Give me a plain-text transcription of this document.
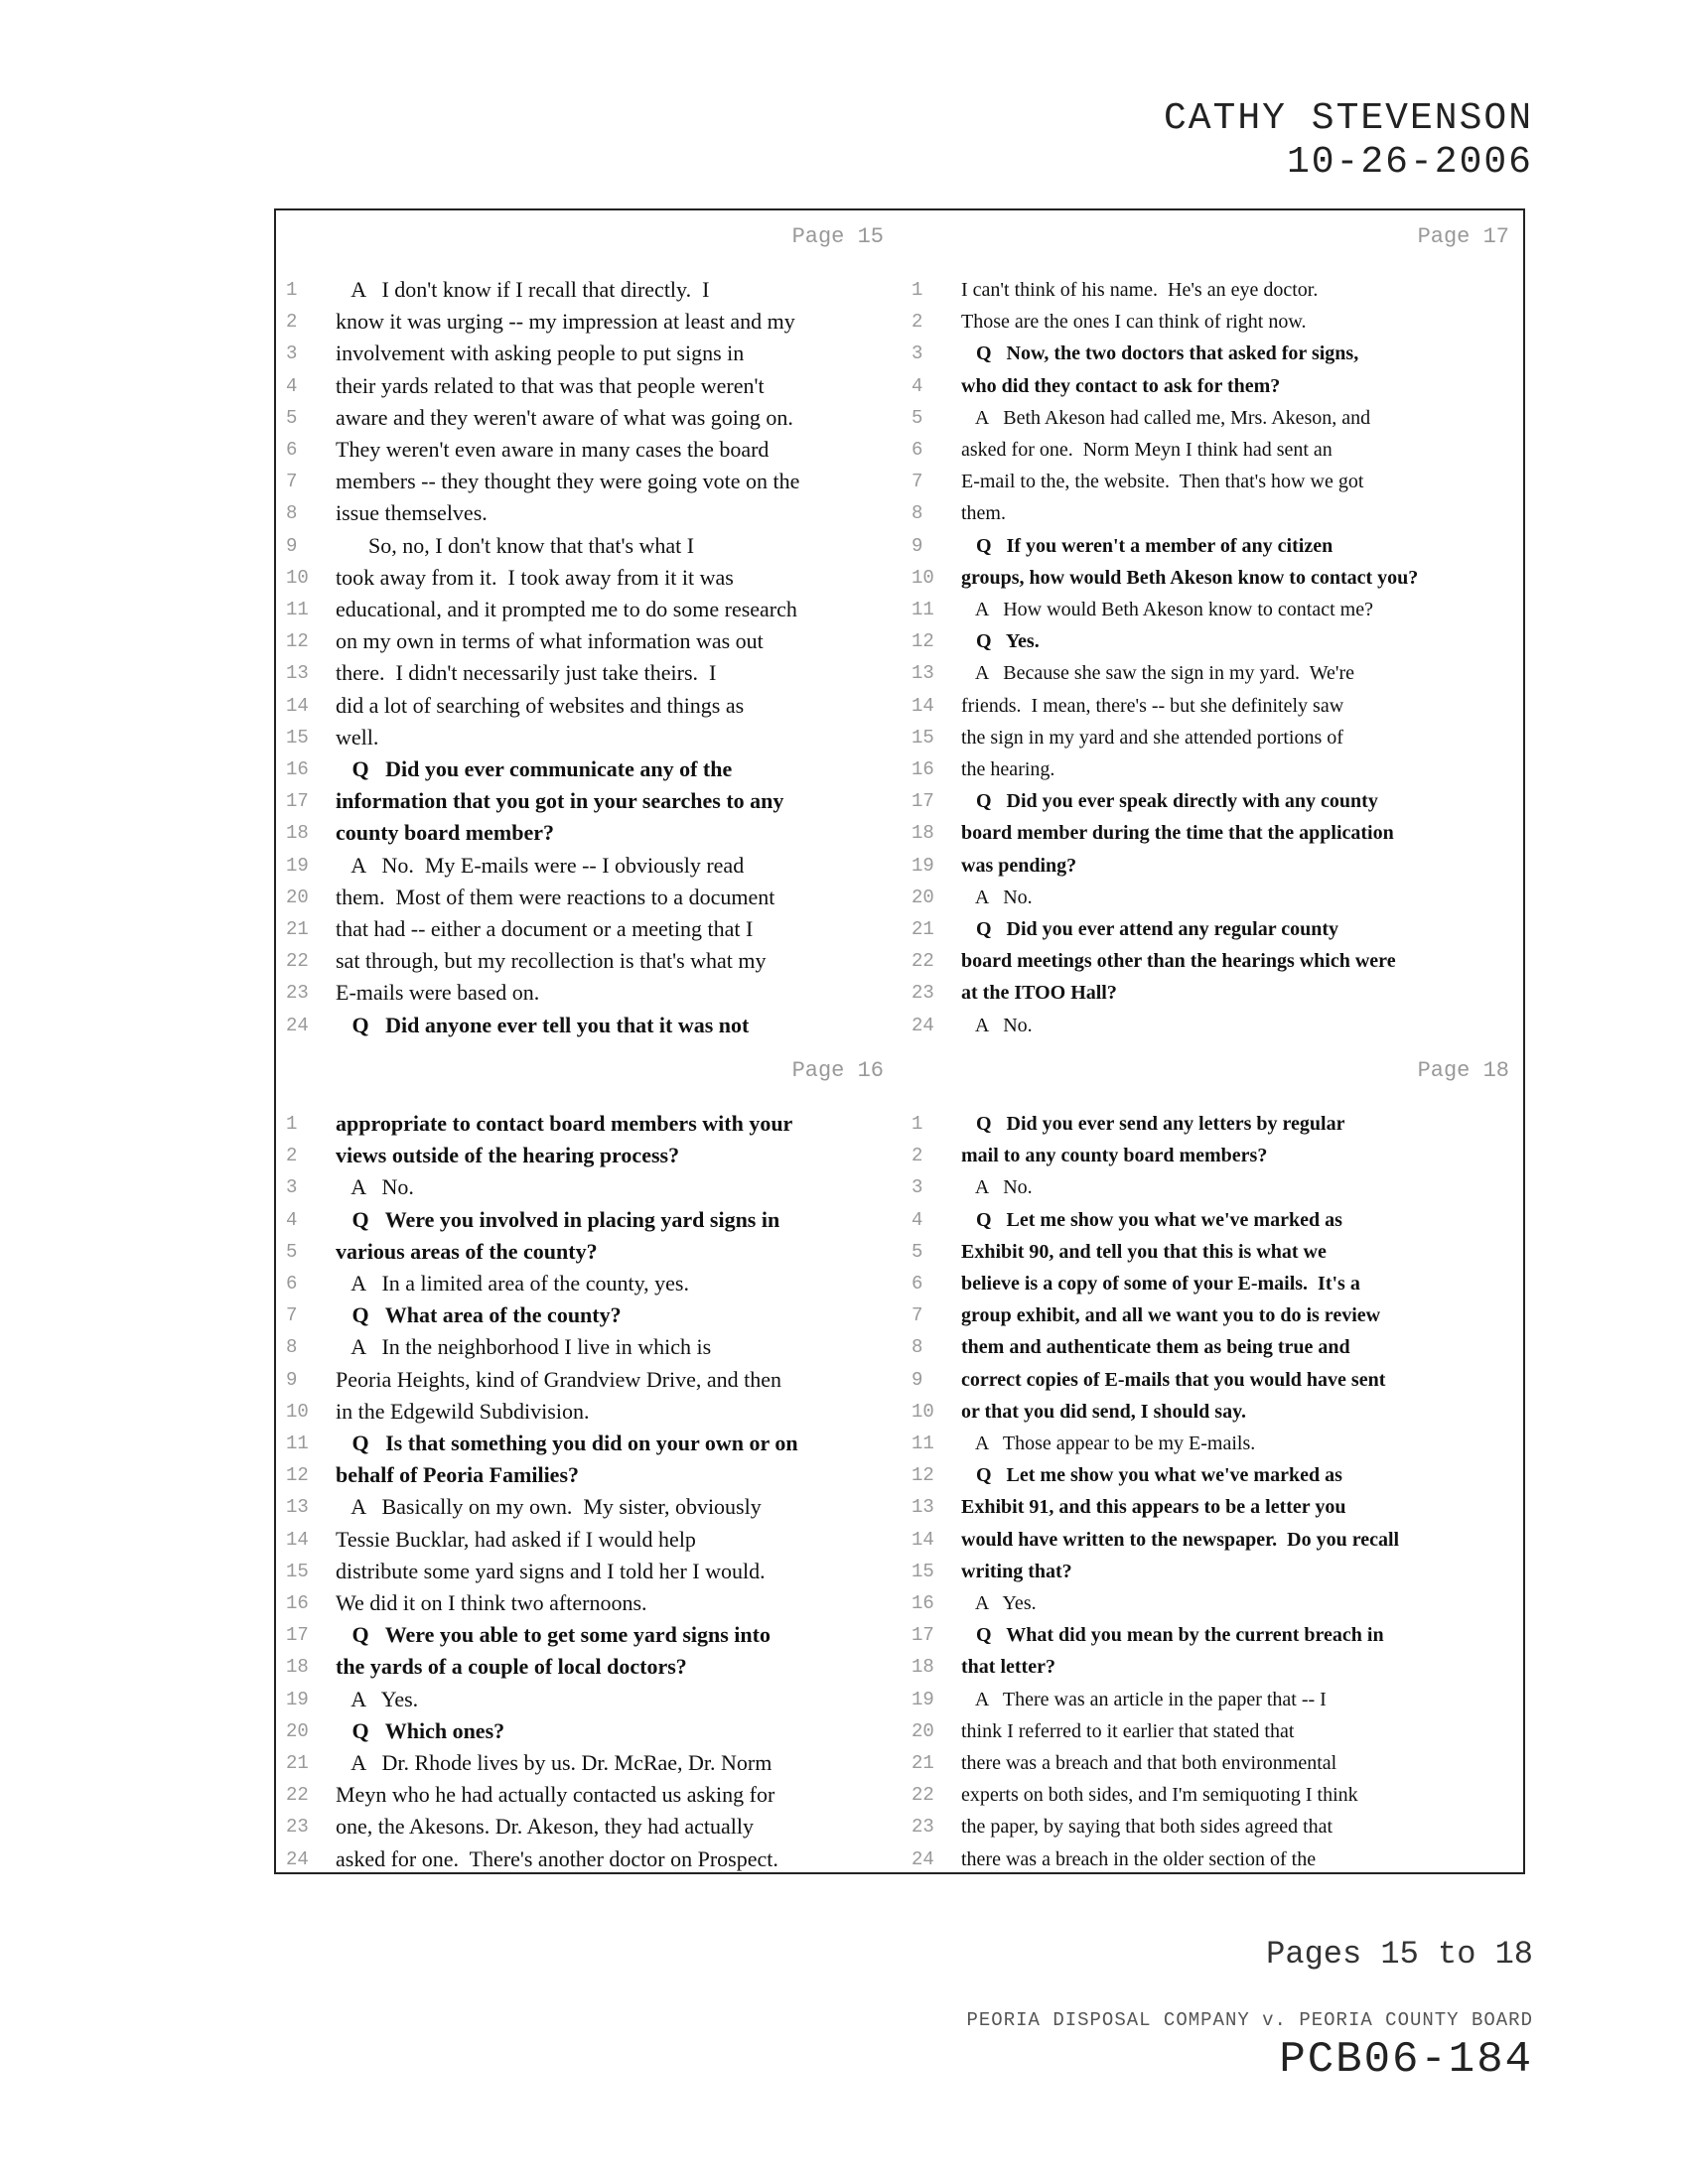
CATHY STEVENSON
10-26-2006
Page 15
1	A   I don't know if I recall that directly.  I
2	know it was urging -- my impression at least and my
3	involvement with asking people to put signs in
4	their yards related to that was that people weren't
5	aware and they weren't aware of what was going on.
6	They weren't even aware in many cases the board
7	members -- they thought they were going vote on the
8	issue themselves.
9	So, no, I don't know that that's what I
10	took away from it.  I took away from it it was
11	educational, and it prompted me to do some research
12	on my own in terms of what information was out
13	there.  I didn't necessarily just take theirs.  I
14	did a lot of searching of websites and things as
15	well.
16	Q   Did you ever communicate any of the
17	information that you got in your searches to any
18	county board member?
19	A   No.  My E-mails were -- I obviously read
20	them.  Most of them were reactions to a document
21	that had -- either a document or a meeting that I
22	sat through, but my recollection is that's what my
23	E-mails were based on.
24	Q   Did anyone ever tell you that it was not
Page 17
1	I can't think of his name.  He's an eye doctor.
2	Those are the ones I can think of right now.
3	Q   Now, the two doctors that asked for signs,
4	who did they contact to ask for them?
5	A   Beth Akeson had called me, Mrs. Akeson, and
6	asked for one.  Norm Meyn I think had sent an
7	E-mail to the, the website.  Then that's how we got
8	them.
9	Q   If you weren't a member of any citizen
10	groups, how would Beth Akeson know to contact you?
11	A   How would Beth Akeson know to contact me?
12	Q   Yes.
13	A   Because she saw the sign in my yard.  We're
14	friends.  I mean, there's -- but she definitely saw
15	the sign in my yard and she attended portions of
16	the hearing.
17	Q   Did you ever speak directly with any county
18	board member during the time that the application
19	was pending?
20	A   No.
21	Q   Did you ever attend any regular county
22	board meetings other than the hearings which were
23	at the ITOO Hall?
24	A   No.
Page 16
1	appropriate to contact board members with your
2	views outside of the hearing process?
3	A   No.
4	Q   Were you involved in placing yard signs in
5	various areas of the county?
6	A   In a limited area of the county, yes.
7	Q   What area of the county?
8	A   In the neighborhood I live in which is
9	Peoria Heights, kind of Grandview Drive, and then
10	in the Edgewild Subdivision.
11	Q   Is that something you did on your own or on
12	behalf of Peoria Families?
13	A   Basically on my own.  My sister, obviously
14	Tessie Bucklar, had asked if I would help
15	distribute some yard signs and I told her I would.
16	We did it on I think two afternoons.
17	Q   Were you able to get some yard signs into
18	the yards of a couple of local doctors?
19	A   Yes.
20	Q   Which ones?
21	A   Dr. Rhode lives by us. Dr. McRae, Dr. Norm
22	Meyn who he had actually contacted us asking for
23	one, the Akesons. Dr. Akeson, they had actually
24	asked for one.  There's another doctor on Prospect.
Page 18
1	Q   Did you ever send any letters by regular
2	mail to any county board members?
3	A   No.
4	Q   Let me show you what we've marked as
5	Exhibit 90, and tell you that this is what we
6	believe is a copy of some of your E-mails.  It's a
7	group exhibit, and all we want you to do is review
8	them and authenticate them as being true and
9	correct copies of E-mails that you would have sent
10	or that you did send, I should say.
11	A   Those appear to be my E-mails.
12	Q   Let me show you what we've marked as
13	Exhibit 91, and this appears to be a letter you
14	would have written to the newspaper.  Do you recall
15	writing that?
16	A   Yes.
17	Q   What did you mean by the current breach in
18	that letter?
19	A   There was an article in the paper that -- I
20	think I referred to it earlier that stated that
21	there was a breach and that both environmental
22	experts on both sides, and I'm semiquoting I think
23	the paper, by saying that both sides agreed that
24	there was a breach in the older section of the
Pages 15 to 18
PEORIA DISPOSAL COMPANY v. PEORIA COUNTY BOARD
PCB06-184
